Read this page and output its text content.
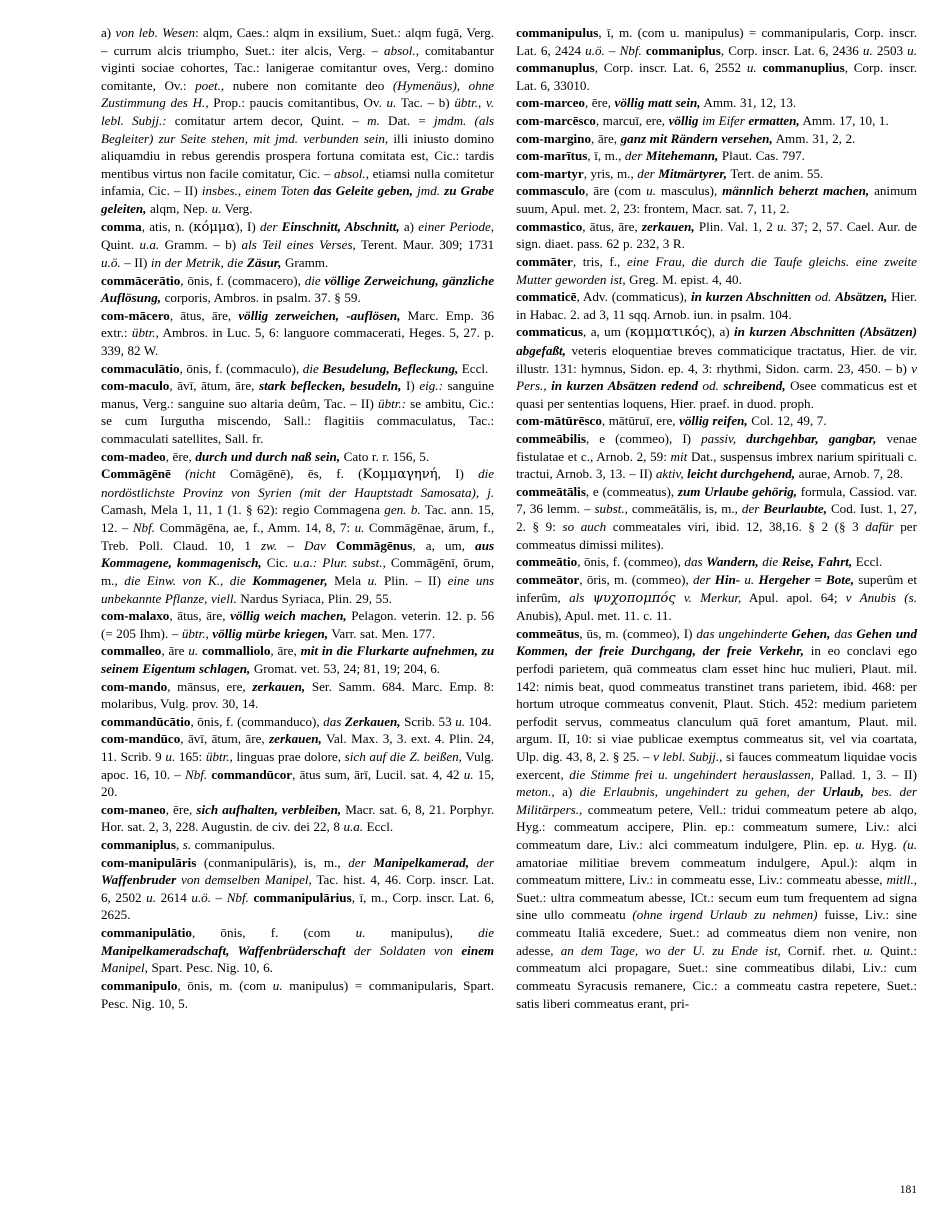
a) von leb. Wesen: alqm, Caes.: alqm in exsilium, Suet.: alqm fugā, Verg. – currum alcis triumpho, Suet.: iter alcis, Verg. – absol., comitabantur viginti sociae cohortes, Tac.: lanigerae comitantur oves, Verg.: domino comitante, Ov.: poet., nubere non comitante deo (Hymenäus), ohne Zustimmung des H., Prop.: paucis comitantibus, Ov. u. Tac. – b) übtr., v. lebl. Subjj.: comitatur artem decor, Quint. – m. Dat. = jmdm. (als Begleiter) zur Seite stehen, mit jmd. verbunden sein, illi iniusto domino aliquamdiu in rebus gerendis prospera fortuna comitata est, Cic.: tardis mentibus virtus non facile comitatur, Cic. – absol., etiamsi nulla comitetur infamia, Cic. – II) insbes., einem Toten das Geleite geben, jmd. zu Grabe geleiten, alqm, Nep. u. Verg.

comma, atis, n. (κóμμα), I) der Einschnitt, Abschnitt, a) einer Periode, Quint. u.a. Gramm. – b) als Teil eines Verses, Terent. Maur. 309; 1731 u.ö. – II) in der Metrik, die Zäsur, Gramm.

commācerātio, ōnis, f. (commacero), die völlige Zerweichung, gänzliche Auflösung, corporis, Ambros. in psalm. 37. § 59.

com-mācero, ātus, āre, völlig zerweichen, -auflösen, Marc. Emp. 36 extr.: übtr., Ambros. in Luc. 5, 6: languore commacerati, Heges. 5, 27. p. 339, 82 W.

commaculātio, ōnis, f. (commaculo), die Besudelung, Befleckung, Eccl.

com-maculo, āvī, ātum, āre, stark beflecken, besudeln, I) eig.: sanguine manus, Verg.: sanguine suo altaria deûm, Tac. – II) übtr.: se ambitu, Cic.: se cum Iurgutha miscendo, Sall.: flagitiis commaculatus, Tac.: commaculati satellites, Sall. fr.

com-madeo, ēre, durch und durch naß sein, Cato r. r. 156, 5.

Commāgēnē (nicht Comāgēnē), ēs, f. (Κομμαγηνή, I) die nordöstlichste Provinz von Syrien (mit der Hauptstadt Samosata), j. Camash, Mela 1, 11, 1 (1. § 62): regio Commagena gen. b. Tac. ann. 15, 12. – Nbf. Commāgēna, ae, f., Amm. 14, 8, 7: u. Commāgēnae, ārum, f., Treb. Poll. Claud. 10, 1 zw. – Dav Commāgēnus, a, um, aus Kommagene, kommagenisch, Cic. u.a.: Plur. subst., Commāgēnī, ōrum, m., die Einw. von K., die Kommagener, Mela u. Plin. – II) eine uns unbekannte Pflanze, viell. Nardus Syriaca, Plin. 29, 55.

com-malaxo, ātus, āre, völlig weich machen, Pelagon. veterin. 12. p. 56 (= 205 Ihm). – übtr., völlig mürbe kriegen, Varr. sat. Men. 177.

commalleo, āre u. commalliolo, āre, mit in die Flurkarte aufnehmen, zu seinem Eigentum schlagen, Gromat. vet. 53, 24; 81, 19; 204, 6.

com-mando, mānsus, ere, zerkauen, Ser. Samm. 684. Marc. Emp. 8: molaribus, Vulg. prov. 30, 14.

commandūcātio, ōnis, f. (commanduco), das Zerkauen, Scrib. 53 u. 104.

com-mandūco, āvī, ātum, āre, zerkauen, Val. Max. 3, 3. ext. 4. Plin. 24, 11. Scrib. 9 u. 165: übtr., linguas prae dolore, sich auf die Z. beißen, Vulg. apoc. 16, 10. – Nbf. commandūcor, ātus sum, ārī, Lucil. sat. 4, 42 u. 15, 20.

com-maneo, ēre, sich aufhalten, verbleiben, Macr. sat. 6, 8, 21. Porphyr. Hor. sat. 2, 3, 228. Augustin. de civ. dei 22, 8 u.a. Eccl.

commaniplus, s. commanipulus.

com-manipulāris (conmanipulāris), is, m., der Manipelkamerad, der Waffenbruder von demselben Manipel, Tac. hist. 4, 46. Corp. inscr. Lat. 6, 2502 u. 2614 u.ö. – Nbf. commanipulārius, ī, m., Corp. inscr. Lat. 6, 2625.

commanipulātio, ōnis, f. (com u. manipulus), die Manipelkameradschaft, Waffenbrüderschaft der Soldaten von einem Manipel, Spart. Pesc. Nig. 10, 6.

commanipulo, ōnis, m. (com u. manipulus) = commanipularis, Spart. Pesc. Nig. 10, 5.

commanipulus, ī, m. (com u. manipulus) = commanipularis, Corp. inscr. Lat. 6, 2424 u.ö. – Nbf. commaniplus, Corp. inscr. Lat. 6, 2436 u. 2503 u. commanuplus, Corp. inscr. Lat. 6, 2552 u. commanuplius, Corp. inscr. Lat. 6, 33010.

com-marceo, ēre, völlig matt sein, Amm. 31, 12, 13.

com-marcēsco, marcuī, ere, völlig im Eifer ermatten, Amm. 17, 10, 1.

com-margino, āre, ganz mit Rändern versehen, Amm. 31, 2, 2.

com-marītus, ī, m., der Mitehemann, Plaut. Cas. 797.

com-martyr, yris, m., der Mitmärtyrer, Tert. de anim. 55.

commasculo, āre (com u. masculus), männlich beherzt machen, animum suum, Apul. met. 2, 23: frontem, Macr. sat. 7, 11, 2.

commastico, ātus, āre, zerkauen, Plin. Val. 1, 2 u. 37; 2, 57. Cael. Aur. de sign. diaet. pass. 62 p. 232, 3 R.

commāter, tris, f., eine Frau, die durch die Taufe gleichs. eine zweite Mutter geworden ist, Greg. M. epist. 4, 40.

commaticē, Adv. (commaticus), in kurzen Abschnitten od. Absätzen, Hier. in Habac. 2. ad 3, 11 sqq. Arnob. iun. in psalm. 104.

commaticus, a, um (κομματικóς), a) in kurzen Abschnitten (Absätzen) abgefaßt, veteris eloquentiae breves commaticique tractatus, Hier. de vir. illustr. 131: hymnus, Sidon. ep. 4, 3: rhythmi, Sidon. carm. 23, 450. – b) v Pers., in kurzen Absätzen redend od. schreibend, Osee commaticus est et quasi per sententias loquens, Hier. praef. in duod. proph.

com-mātūrēsco, mātūruī, ere, völlig reifen, Col. 12, 49, 7.

commeābilis, e (commeo), I) passiv, durchgehbar, gangbar, venae fistulatae et c., Arnob. 2, 59: mit Dat., suspensus imbrex narium spirituali c. tractui, Arnob. 3, 13. – II) aktiv, leicht durchgehend, aurae, Arnob. 7, 28.

commeātālis, e (commeatus), zum Urlaube gehörig, formula, Cassiod. var. 7, 36 lemm. – subst., commeātālis, is, m., der Beurlaubte, Cod. Iust. 1, 27, 2. § 9: so auch commeatales viri, ibid. 12, 38,16. § 2 (§ 3 dafür per commeatus dimissi milites).

commeātio, ōnis, f. (commeo), das Wandern, die Reise, Fahrt, Eccl.

commeātor, ōris, m. (commeo), der Hin- u. Hergeher = Bote, superûm et inferûm, als ψυχοπομπóς v. Merkur, Apul. apol. 64; v Anubis (s. Anubis), Apul. met. 11. c. 11.

commeātus, ūs, m. (commeo), I) das ungehinderte Gehen, das Gehen und Kommen, der freie Durchgang, der freie Verkehr, in eo conclavi ego perfodi parietem, quā commeatus clam esset hinc huc mulieri, Plaut. mil. 142: nimis beat, quod commeatus transtinet trans parietem, ibid. 468: per hortum utroque commeatus convenit, Plaut. Stich. 452: medium parietem perfodit servus, commeatus clanculum quā foret amantum, Plaut. mil. argum. II, 10: si viae publicae exemptus commeatus sit, vel via coartata, Ulp. dig. 43, 8, 2. § 25. – v lebl. Subjj., si fauces commeatum liquidae vocis exercent, die Stimme frei u. ungehindert herauslassen, Pallad. 1, 3. – II) meton., a) die Erlaubnis, ungehindert zu gehen, der Urlaub, bes. der Militärpers., commeatum petere, Vell.: tridui commeatum petere ab alqo, Hyg.: commeatum accipere, Plin. ep.: commeatum sumere, Liv.: alci commeatum dare, Liv.: alci commeatum indulgere, Plin. ep. u. Hyg. (u. amatoriae militiae brevem commeatum indulgere, Apul.): alqm in commeatum mittere, Liv.: in commeatu esse, Liv.: commeatu abesse, mitll., Suet.: ultra commeatum abesse, ICt.: secum eum tum frequentem ad signa sine ullo commeatu (ohne irgend Urlaub zu nehmen) fuisse, Liv.: sine commeatu Italiā excedere, Suet.: ad commeatus diem non venire, non adesse, an dem Tage, wo der U. zu Ende ist, Cornif. rhet. u. Quint.: commeatum alci propagare, Suet.: sine commeatibus dilabi, Liv.: cum commeatu Syracusis remanere, Cic.: a commeatu castra repetere, Suet.: satis liberi commeatus erant, pri-

181
